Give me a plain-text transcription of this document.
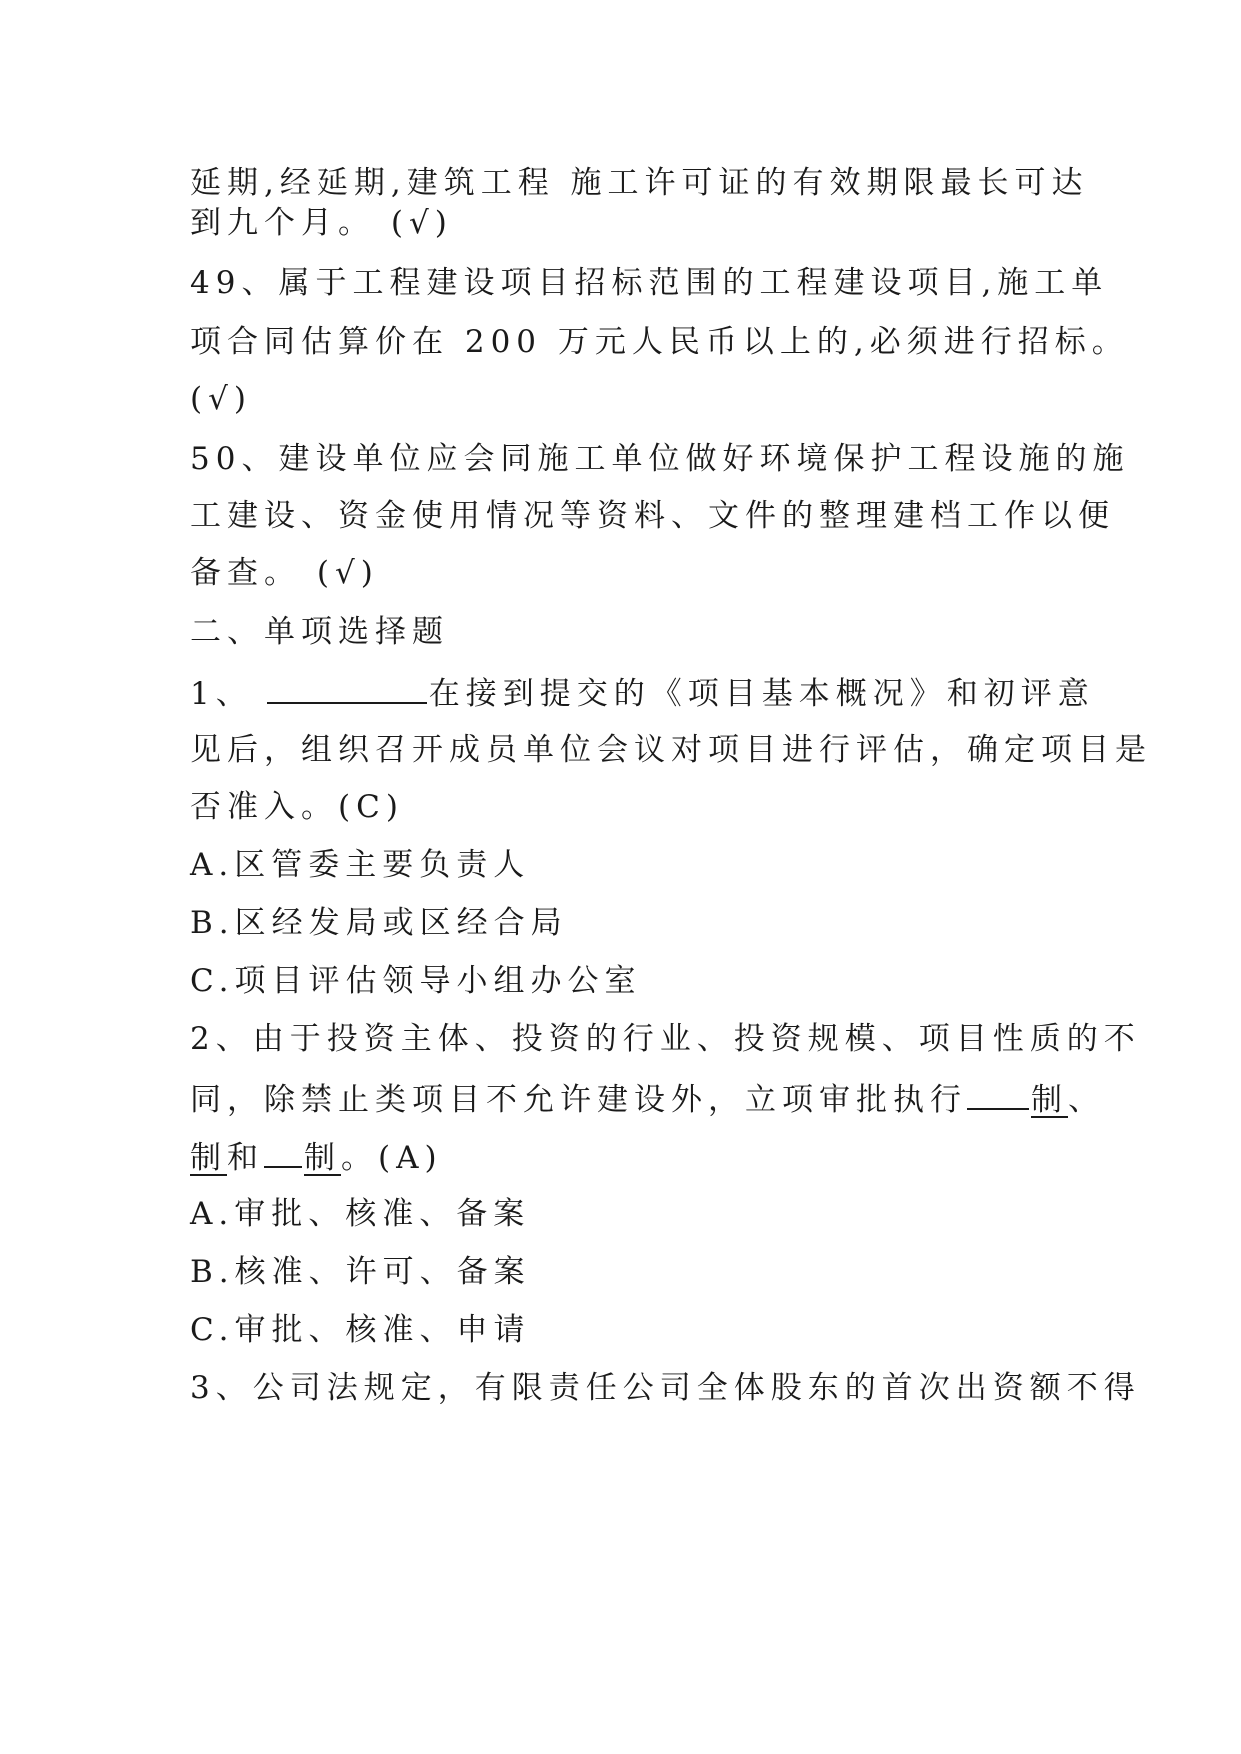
延期,经延期,建筑工程 施工许可证的有效期限最长可达
到九个月。 (√)
49、属于工程建设项目招标范围的工程建设项目,施工单
项合同估算价在 200 万元人民币以上的,必须进行招标。
(√)
50、建设单位应会同施工单位做好环境保护工程设施的施
工建设、资金使用情况等资料、文件的整理建档工作以便
备查。 (√)
二、单项选择题
1、	在接到提交的《项目基本概况》和初评意
见后，组织召开成员单位会议对项目进行评估，确定项目是
否准入。(C)
A.区管委主要负责人
B.区经发局或区经合局
C.项目评估领导小组办公室
2、由于投资主体、投资的行业、投资规模、项目性质的不
同，除禁止类项目不允许建设外，立项审批执行 制、
制和 制。(A)
A.审批、核准、备案
B.核准、许可、备案
C.审批、核准、申请
3、公司法规定，有限责任公司全体股东的首次出资额不得
